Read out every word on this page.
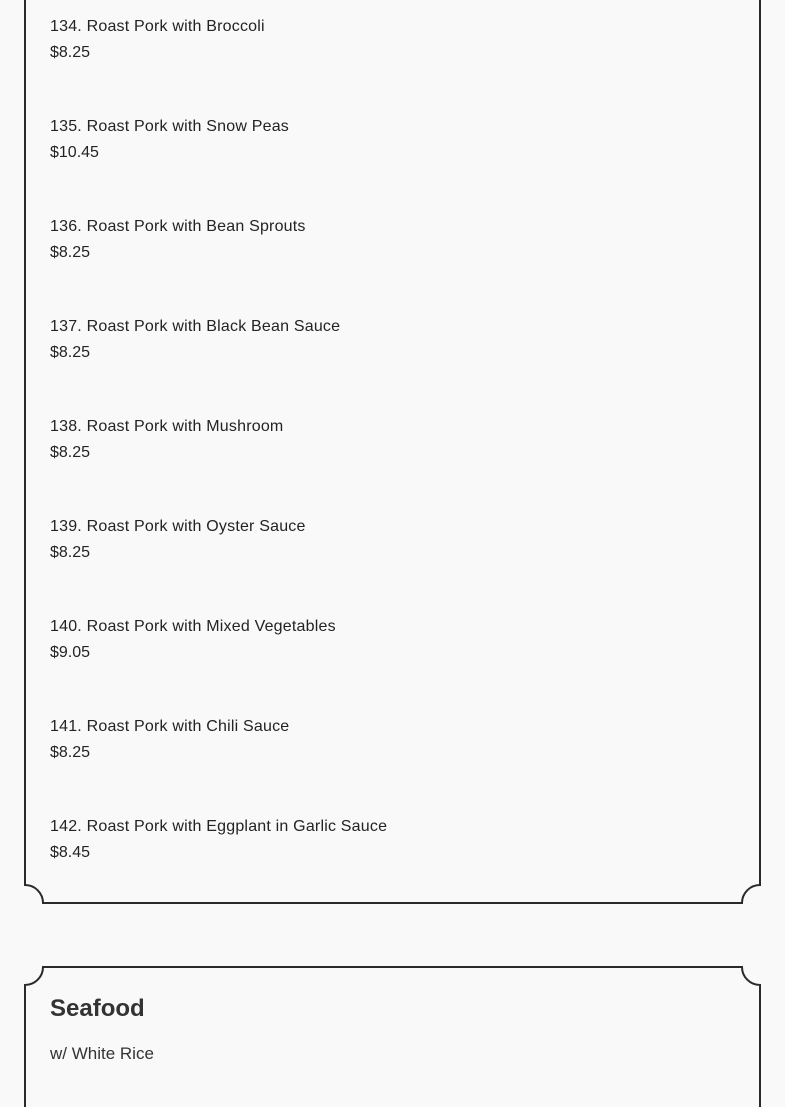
134. Roast Pork with Broccoli
$8.25
135. Roast Pork with Snow Peas
$10.45
136. Roast Pork with Bean Sprouts
$8.25
137. Roast Pork with Black Bean Sauce
$8.25
138. Roast Pork with Mushroom
$8.25
139. Roast Pork with Oyster Sauce
$8.25
140. Roast Pork with Mixed Vegetables
$9.05
141. Roast Pork with Chili Sauce
$8.25
142. Roast Pork with Eggplant in Garlic Sauce
$8.45
Seafood
w/ White Rice
